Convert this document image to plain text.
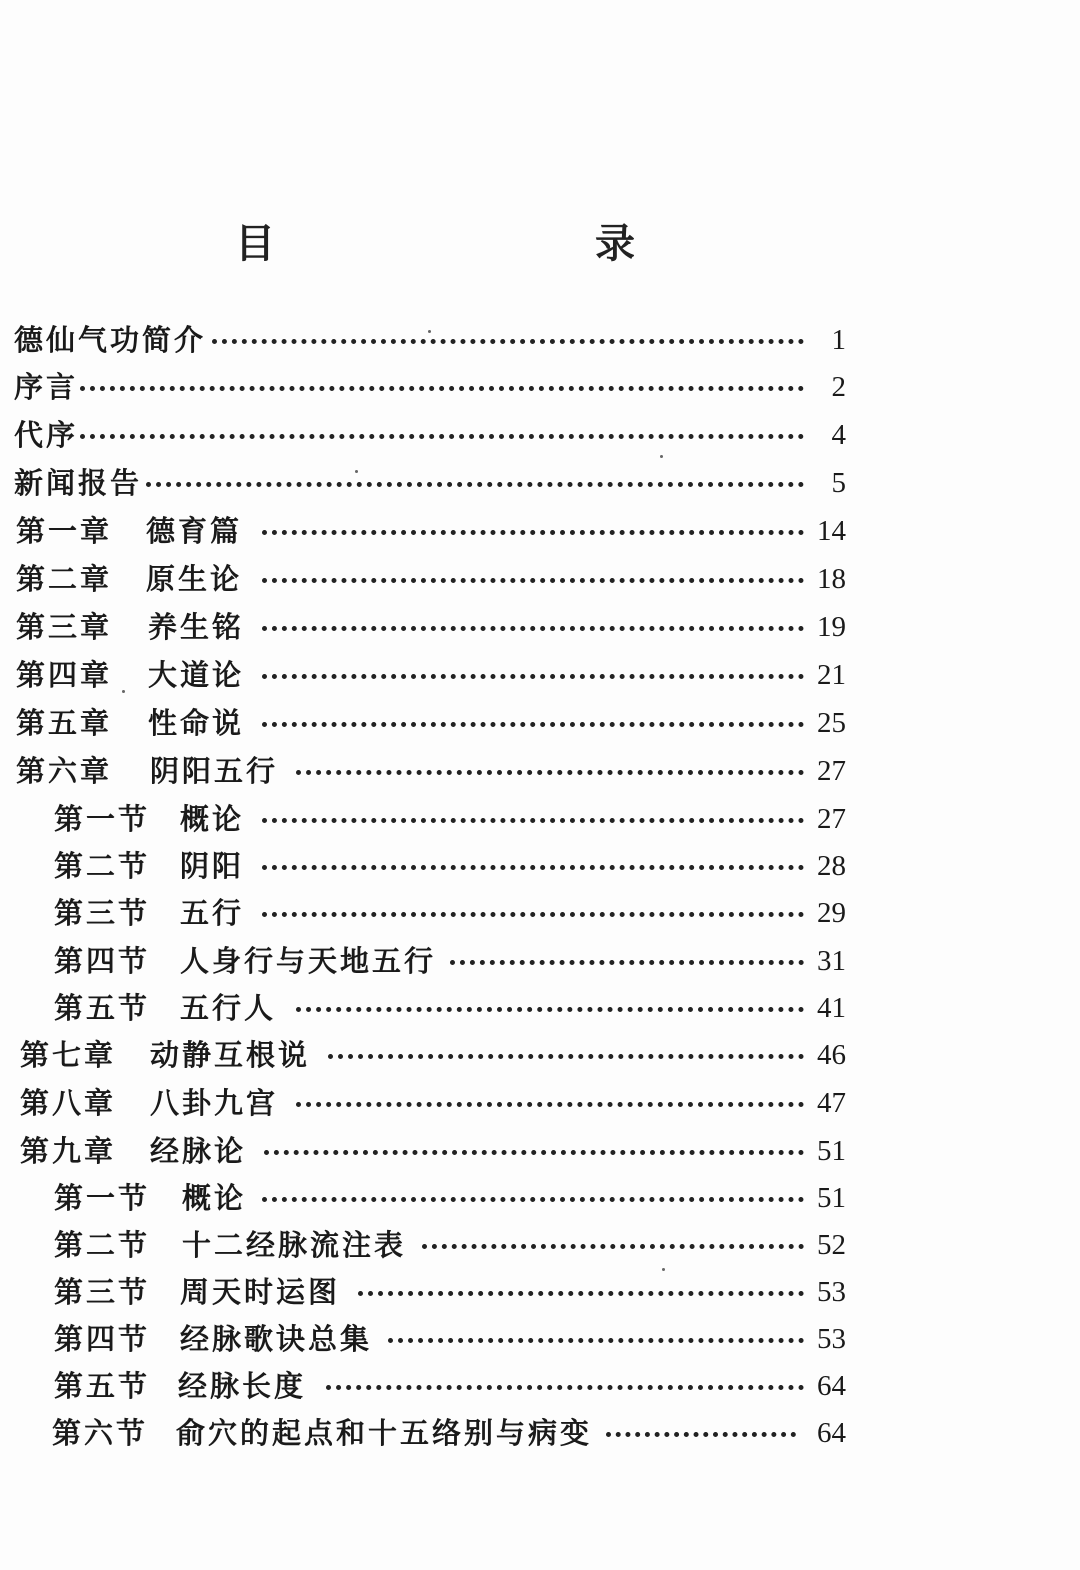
目　　录
德仙气功简介	1
序言	2
代序	4
新闻报告	5
第一章 德育篇	14
第二章 原生论	18
第三章 养生铭	19
第四章 大道论	21
第五章 性命说	25
第六章 阴阳五行	27
第一节 概论	27
第二节 阴阳	28
第三节 五行	29
第四节 人身行与天地五行	31
第五节 五行人	41
第七章 动静互根说	46
第八章 八卦九宫	47
第九章 经脉论	51
第一节 概论	51
第二节 十二经脉流注表	52
第三节 周天时运图	53
第四节 经脉歌诀总集	53
第五节 经脉长度	64
第六节 俞穴的起点和十五络别与病变	64
